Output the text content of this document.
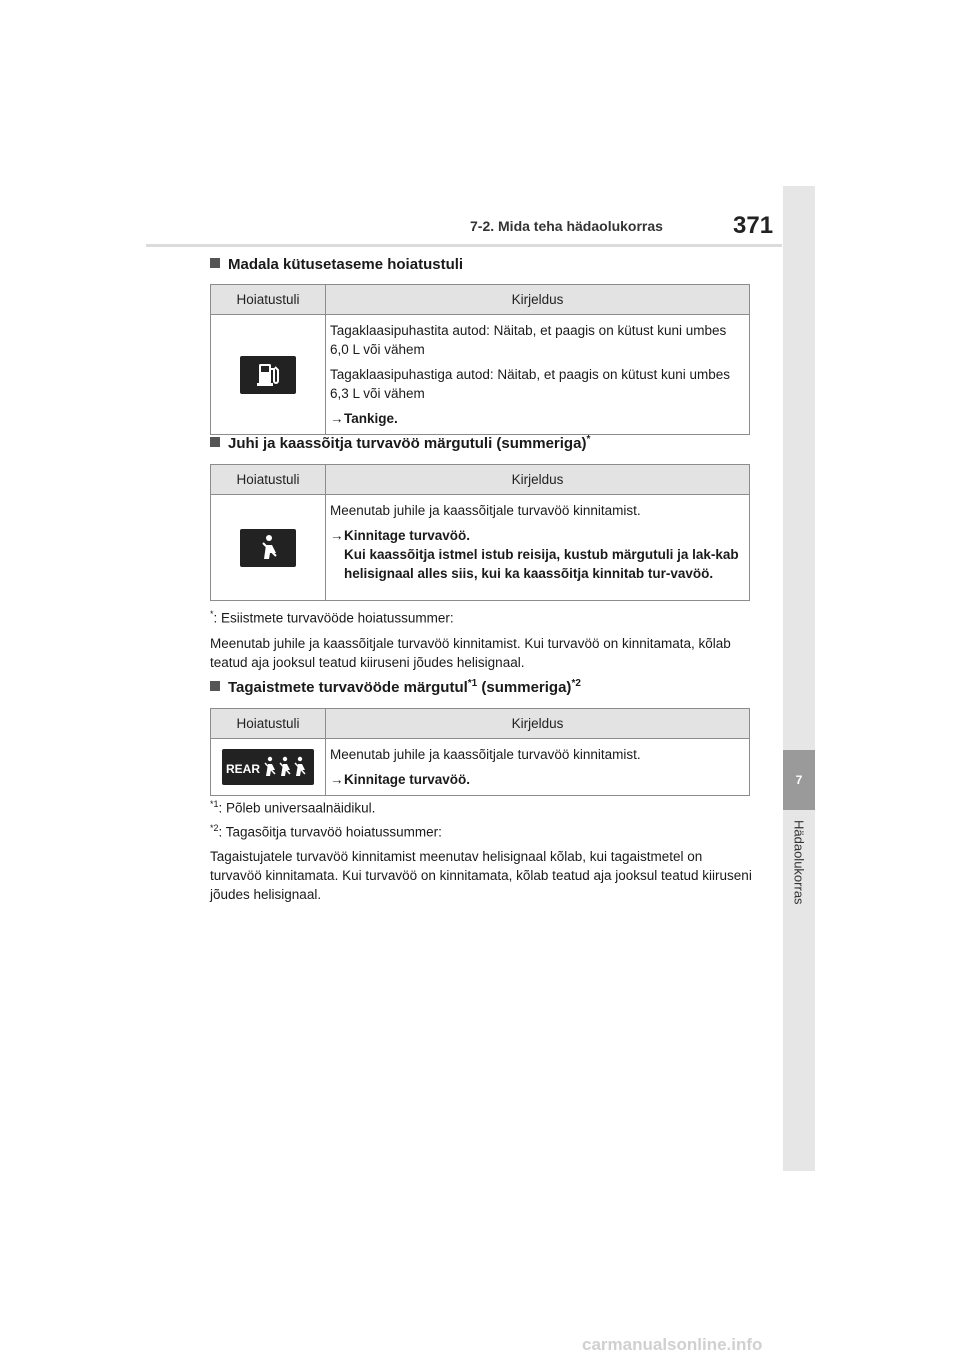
7-2. Mida teha hädaolukorras	371
7
Hädaolukorras
Madala kütusetaseme hoiatustuli
Hoiatustuli	Kirjeldus

Tagaklaasipuhastita autod: Näitab, et paagis on kütust kuni umbes 6,0 L või vähem

Tagaklaasipuhastiga autod: Näitab, et paagis on kütust kuni umbes 6,3 L või vähem

→ Tankige.
Juhi ja kaassõitja turvavöö märgutuli (summeriga)*
Hoiatustuli	Kirjeldus

Meenutab juhile ja kaassõitjale turvavöö kinnitamist.

→ Kinnitage turvavöö.
Kui kaassõitja istmel istub reisija, kustub märgutuli ja lak-kab helisignaal alles siis, kui ka kaassõitja kinnitab tur-vavöö.
*: Esiistmete turvavööde hoiatussummer:
Meenutab juhile ja kaassõitjale turvavöö kinnitamist. Kui turvavöö on kinnitamata, kõlab teatud aja jooksul teatud kiiruseni jõudes helisignaal.
Tagaistmete turvavööde märgutul$^{*1}$ (summeriga)$^{*2}$
Hoiatustuli	Kirjeldus

REAR	Meenutab juhile ja kaassõitjale turvavöö kinnitamist.

→ Kinnitage turvavöö.
$^{*1}$: Põleb universaalnäidikul.
$^{*2}$: Tagasõitja turvavöö hoiatussummer:
Tagaistujatele turvavöö kinnitamist meenutav helisignaal kõlab, kui tagaistmetel on turvavöö kinnitamata. Kui turvavöö on kinnitamata, kõlab teatud aja jooksul teatud kiiruseni jõudes helisignaal.
carmanualsonline.info
